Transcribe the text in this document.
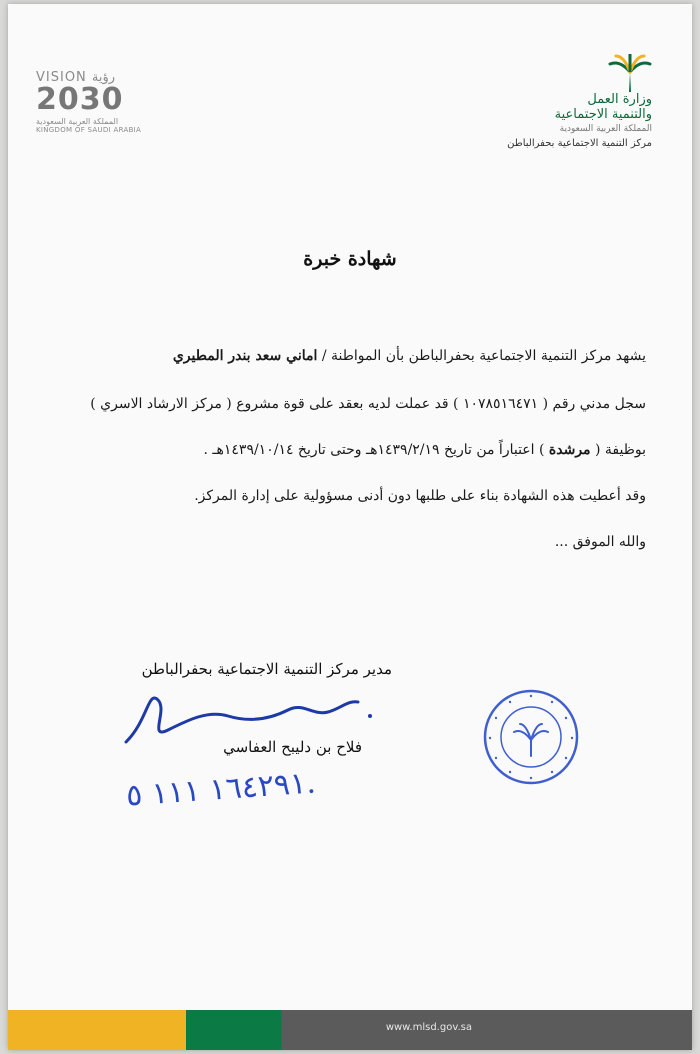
VISION رؤية
2030
المملكة العربية السعودية
KINGDOM OF SAUDI ARABIA
وزارة العمل
والتنمية الاجتماعية
المملكة العربية السعودية
مركز التنمية الاجتماعية بحفرالباطن
شهادة خبرة
يشهد مركز التنمية الاجتماعية بحفرالباطن بأن المواطنة / اماني سعد بندر المطيري
سجل مدني رقم ( ١٠٧٨٥١٦٤٧١ ) قد عملت لديه بعقد على قوة مشروع ( مركز الارشاد الاسري )
بوظيفة ( مرشدة ) اعتباراً من تاريخ ١٤٣٩/٢/١٩هـ وحتى تاريخ ١٤٣٩/١٠/١٤هـ .
وقد أعطيت هذه الشهادة بناء على طلبها دون أدنى مسؤولية على إدارة المركز.
والله الموفق ...
مدير مركز التنمية الاجتماعية بحفرالباطن
فلاح بن دليبح العفاسي
١٦٤٢٩١ ١١١ ٥.
www.mlsd.gov.sa
